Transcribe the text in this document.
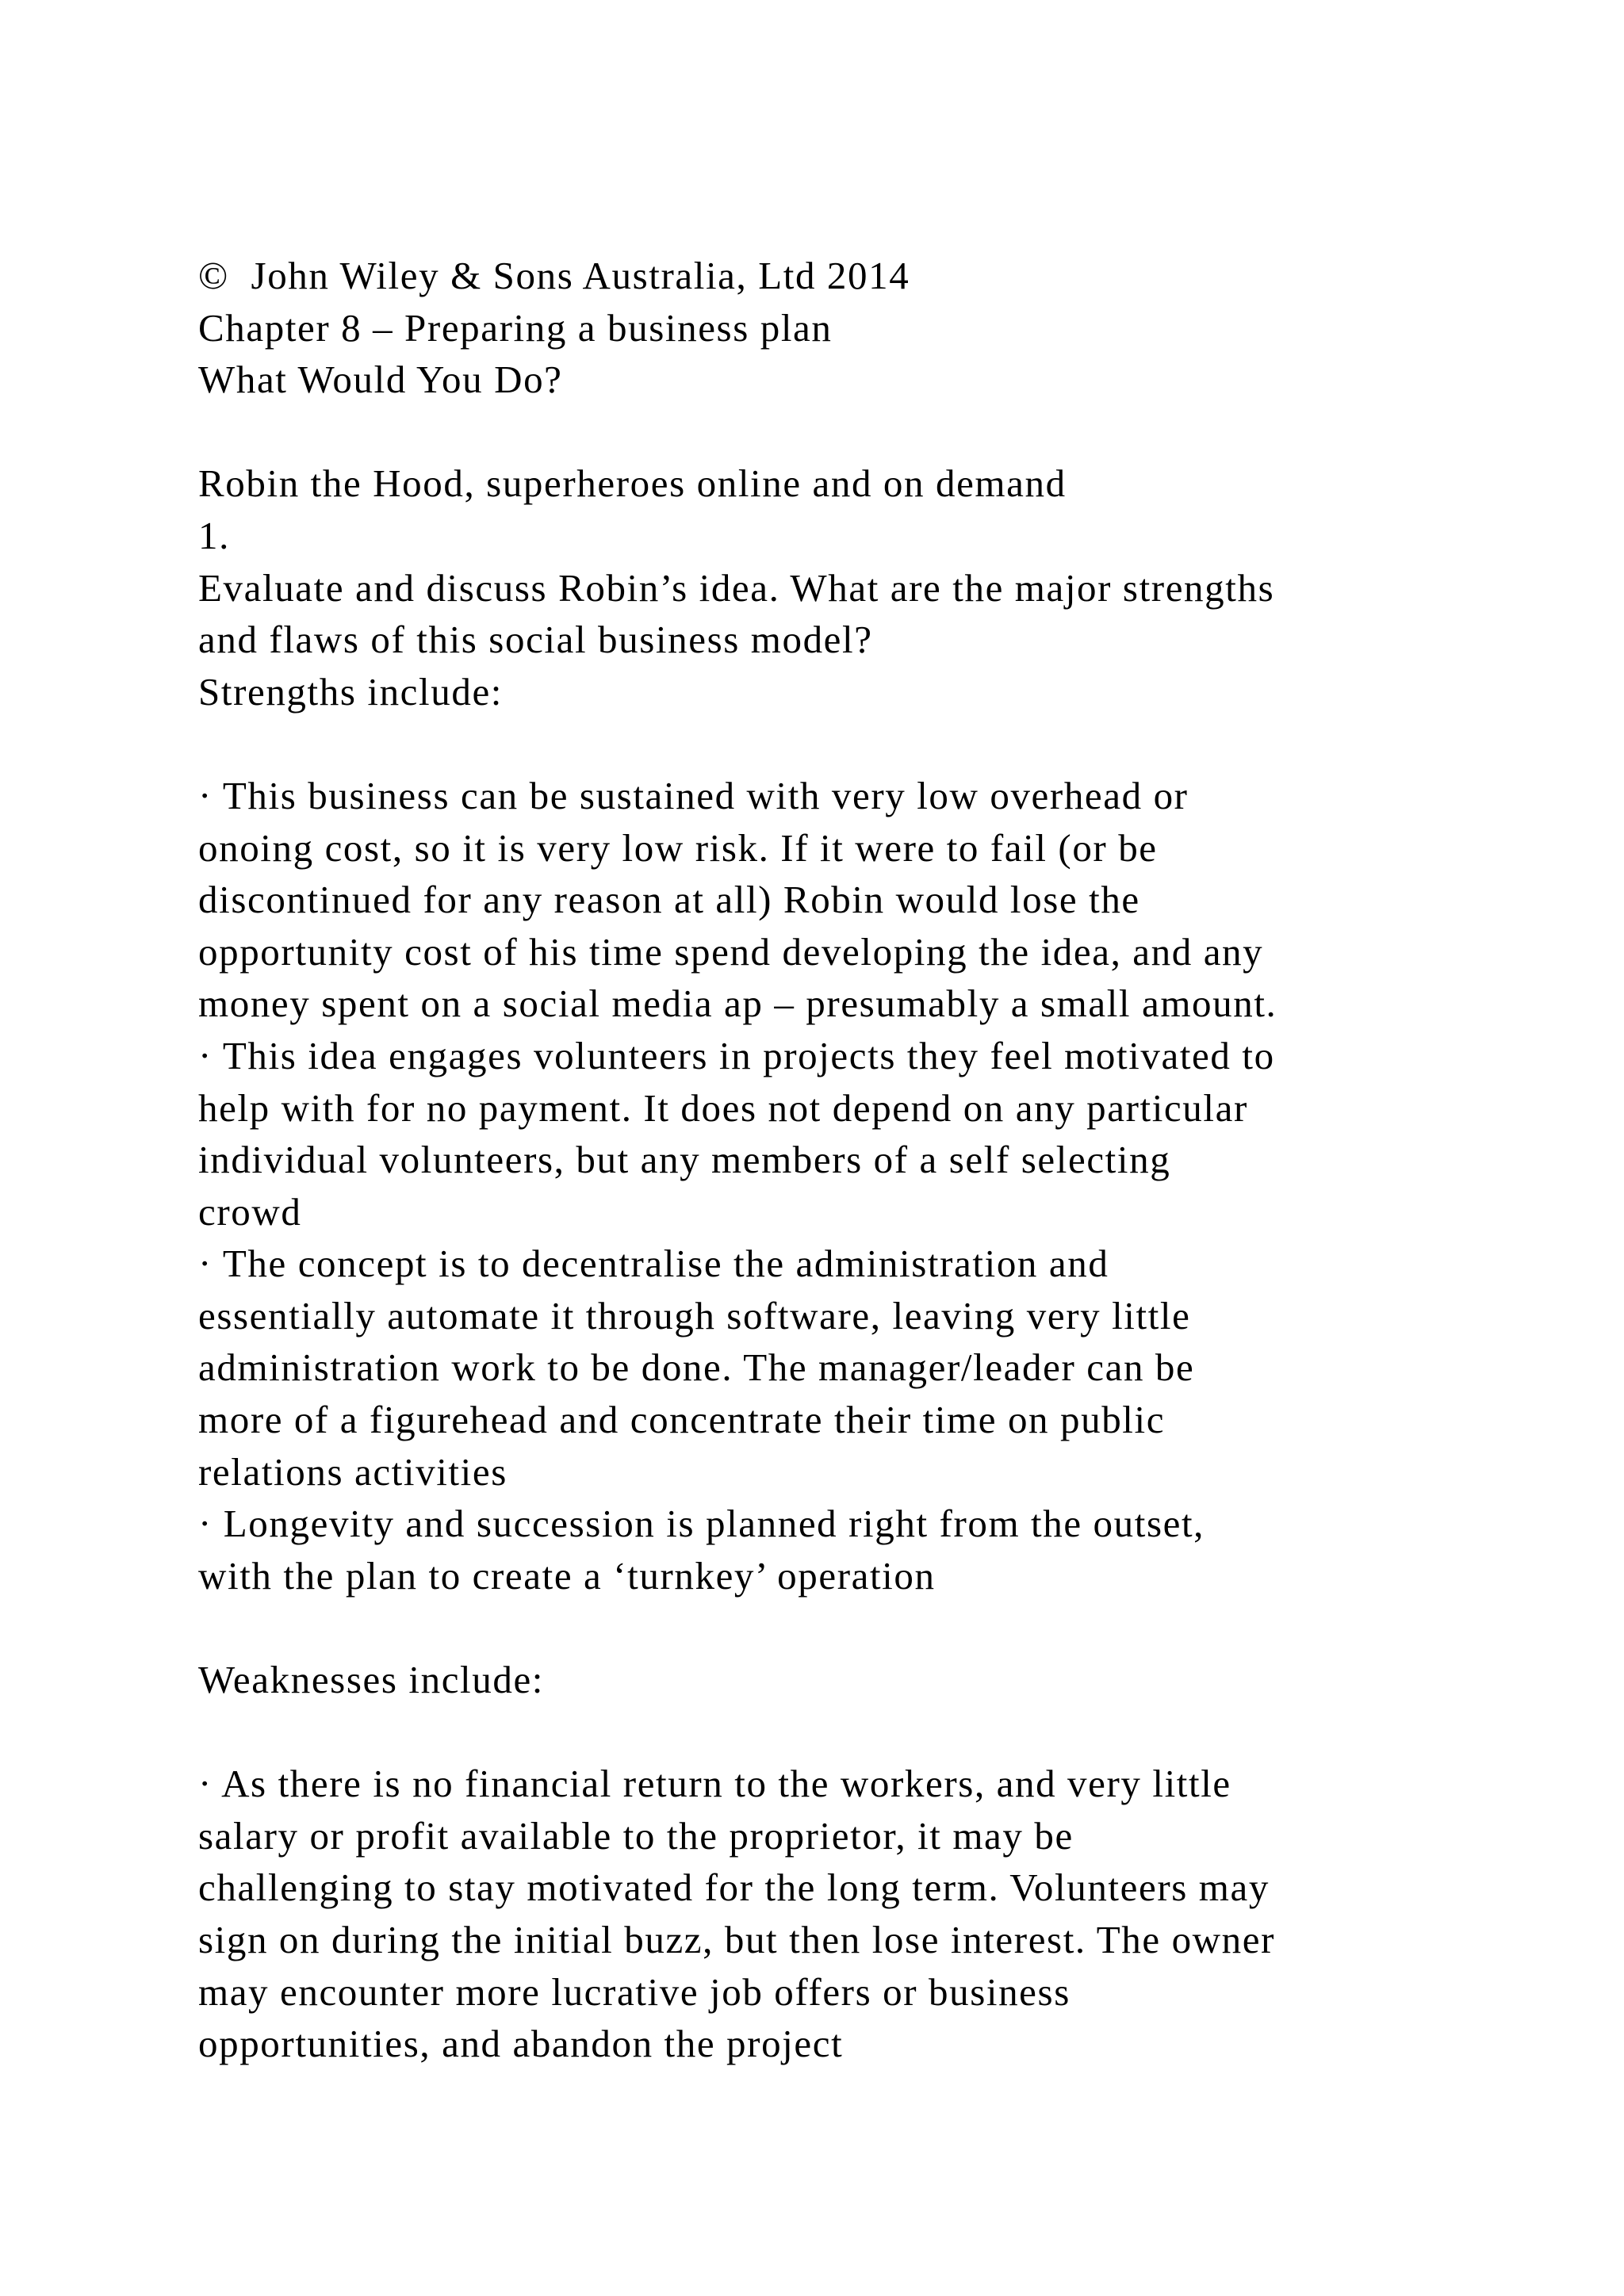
©  John Wiley & Sons Australia, Ltd 2014
Chapter 8 – Preparing a business plan
What Would You Do?
Robin the Hood, superheroes online and on demand
1.
Evaluate and discuss Robin’s idea. What are the major strengths
and flaws of this social business model?
Strengths include:
· This business can be sustained with very low overhead or
onoing cost, so it is very low risk. If it were to fail (or be
discontinued for any reason at all) Robin would lose the
opportunity cost of his time spend developing the idea, and any
money spent on a social media ap – presumably a small amount.
· This idea engages volunteers in projects they feel motivated to
help with for no payment. It does not depend on any particular
individual volunteers, but any members of a self selecting
crowd
· The concept is to decentralise the administration and
essentially automate it through software, leaving very little
administration work to be done. The manager/leader can be
more of a figurehead and concentrate their time on public
relations activities
· Longevity and succession is planned right from the outset,
with the plan to create a ‘turnkey’ operation
Weaknesses include:
· As there is no financial return to the workers, and very little
salary or profit available to the proprietor, it may be
challenging to stay motivated for the long term. Volunteers may
sign on during the initial buzz, but then lose interest. The owner
may encounter more lucrative job offers or business
opportunities, and abandon the project
